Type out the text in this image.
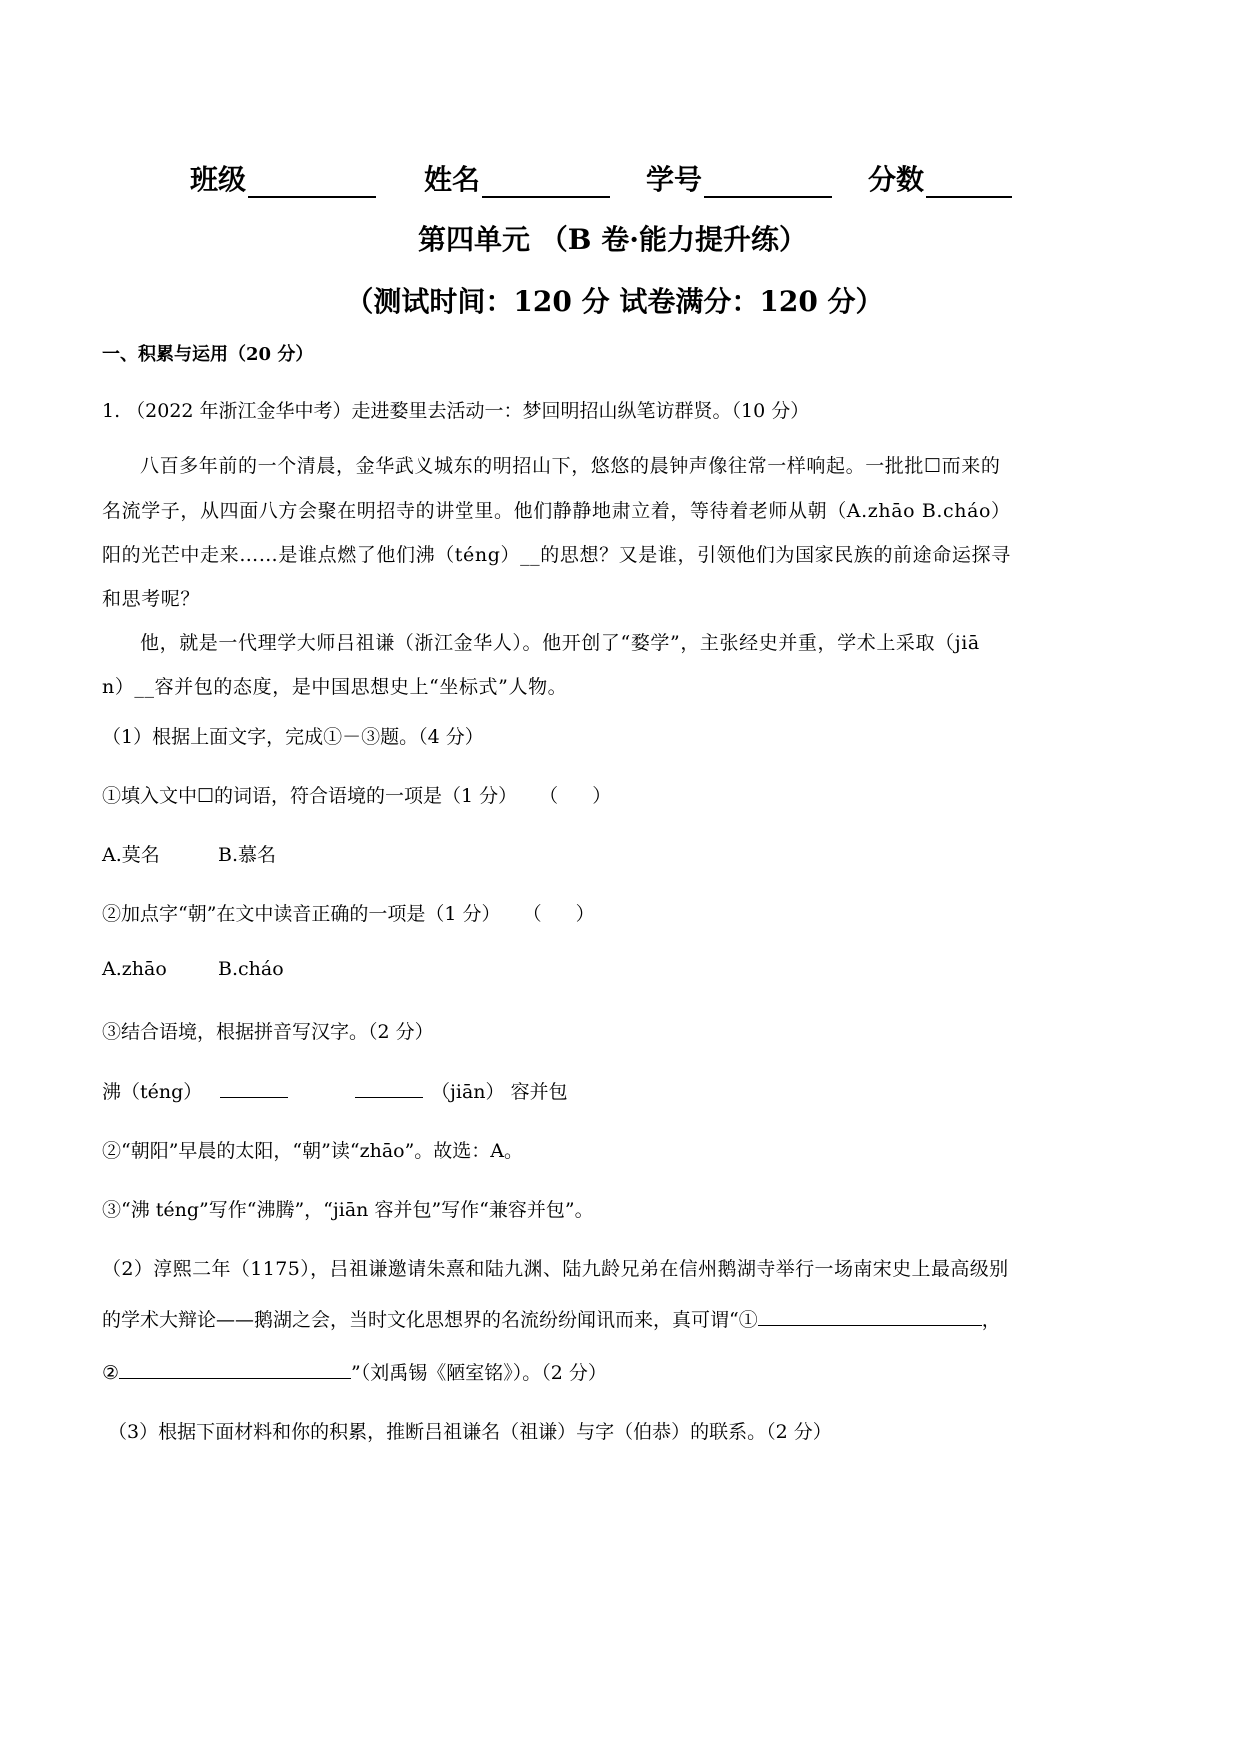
班级	姓名	学号	分数
第四单元 （B 卷·能力提升练）
（测试时间：120 分 试卷满分：120 分）
一、积累与运用（20 分）
1. （2022 年浙江金华中考）走进婺里去活动一：梦回明招山纵笔访群贤。（10 分）
八百多年前的一个清晨，金华武义城东的明招山下，悠悠的晨钟声像往常一样响起。一批批☐而来的
名流学子，从四面八方会聚在明招寺的讲堂里。他们静静地肃立着，等待着老师从朝（A.zhāo B.cháo）
阳的光芒中走来……是谁点燃了他们沸（téng）__的思想？又是谁，引领他们为国家民族的前途命运探寻
和思考呢？
他，就是一代理学大师吕祖谦（浙江金华人）。他开创了“婺学”，主张经史并重，学术上采取（jiā
n）__容并包的态度，是中国思想史上“坐标式”人物。
（1）根据上面文字，完成①－③题。（4 分）
①填入文中☐的词语，符合语境的一项是（1 分） （ ）
A.莫名	B.慕名
②加点字“朝”在文中读音正确的一项是（1 分） （ ）
A.zhāo	B.cháo
③结合语境，根据拼音写汉字。（2 分）
沸（téng）	（jiān） 容并包
②“朝阳”早晨的太阳，“朝”读“zhāo”。故选：A。
③“沸 téng”写作“沸腾”，“jiān 容并包”写作“兼容并包”。
（2）淳熙二年（1175），吕祖谦邀请朱熹和陆九渊、陆九龄兄弟在信州鹅湖寺举行一场南宋史上最高级别
的学术大辩论——鹅湖之会，当时文化思想界的名流纷纷闻讯而来，真可谓“①	，
②	”（刘禹锡《陋室铭》）。（2 分）
（3）根据下面材料和你的积累，推断吕祖谦名（祖谦）与字（伯恭）的联系。（2 分）
